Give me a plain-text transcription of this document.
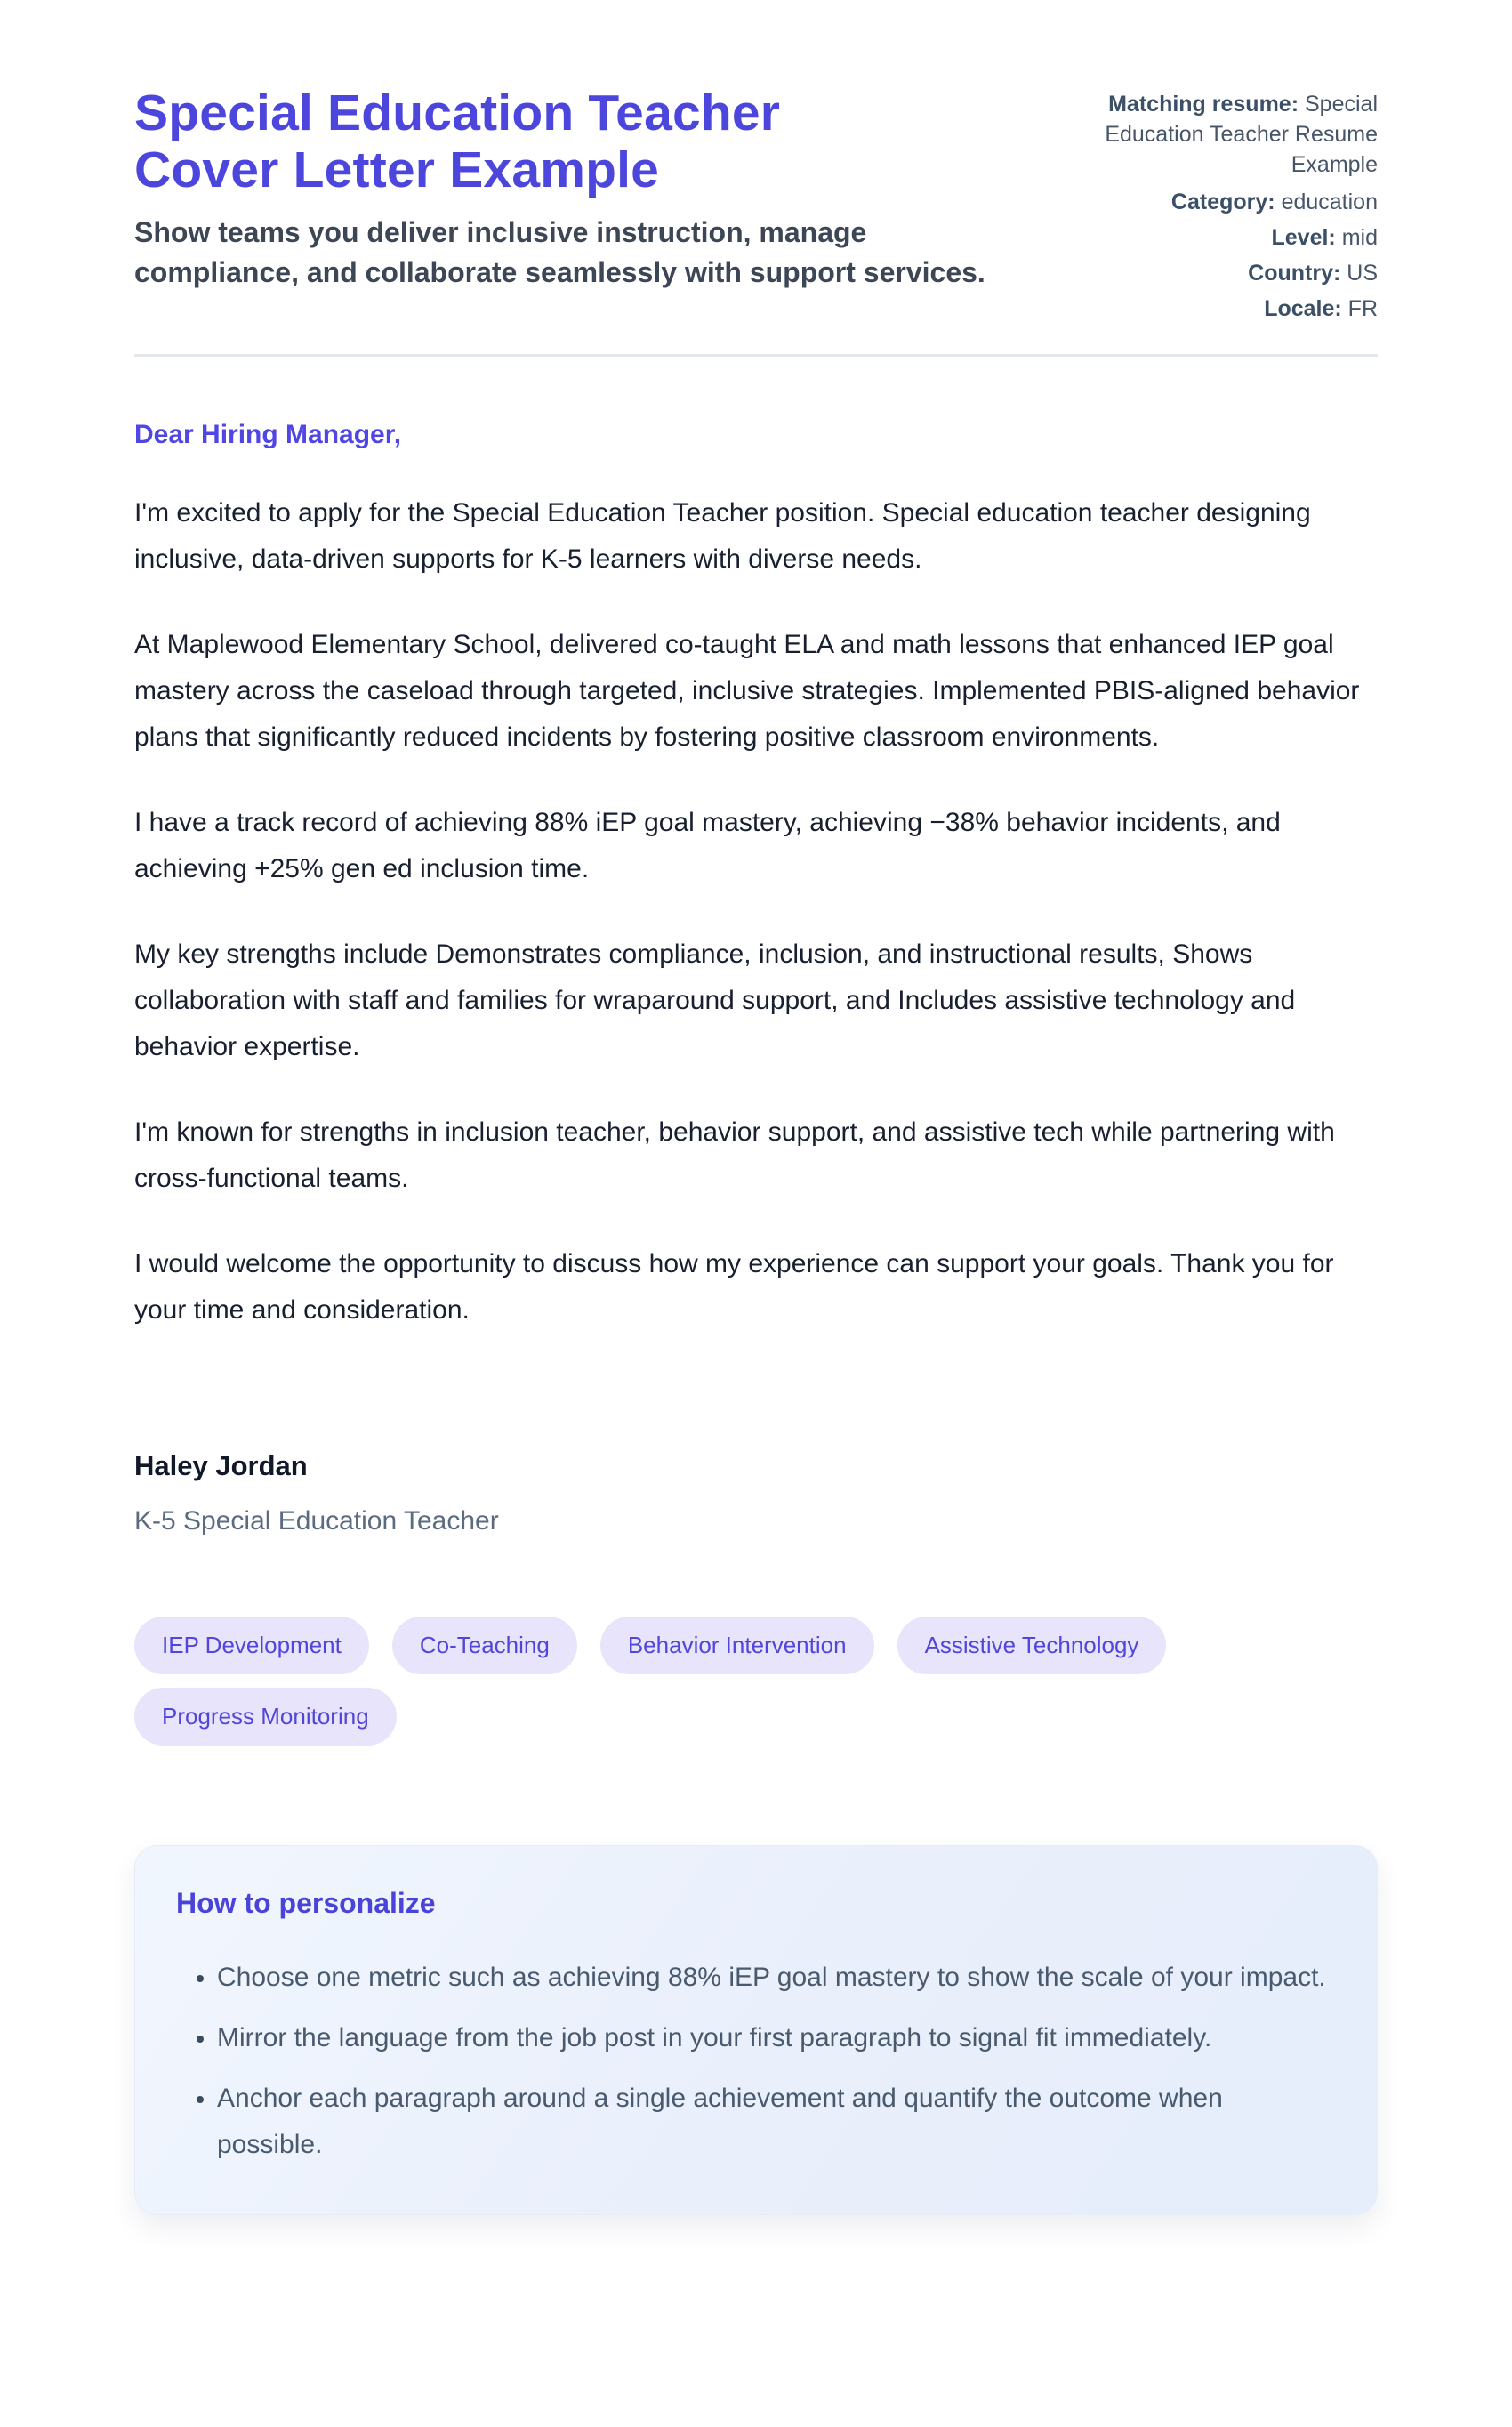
Special Education Teacher Cover Letter Example
Show teams you deliver inclusive instruction, manage compliance, and collaborate seamlessly with support services.
Matching resume: Special Education Teacher Resume Example
Category: education
Level: mid
Country: US
Locale: FR
Dear Hiring Manager,

I'm excited to apply for the Special Education Teacher position. Special education teacher designing inclusive, data-driven supports for K-5 learners with diverse needs.

At Maplewood Elementary School, delivered co-taught ELA and math lessons that enhanced IEP goal mastery across the caseload through targeted, inclusive strategies. Implemented PBIS-aligned behavior plans that significantly reduced incidents by fostering positive classroom environments.

I have a track record of achieving 88% iEP goal mastery, achieving −38% behavior incidents, and achieving +25% gen ed inclusion time.

My key strengths include Demonstrates compliance, inclusion, and instructional results, Shows collaboration with staff and families for wraparound support, and Includes assistive technology and behavior expertise.

I'm known for strengths in inclusion teacher, behavior support, and assistive tech while partnering with cross-functional teams.

I would welcome the opportunity to discuss how my experience can support your goals. Thank you for your time and consideration.

Haley Jordan
K-5 Special Education Teacher
IEP Development	Co-Teaching	Behavior Intervention	Assistive Technology
Progress Monitoring
How to personalize
• Choose one metric such as achieving 88% iEP goal mastery to show the scale of your impact.
• Mirror the language from the job post in your first paragraph to signal fit immediately.
• Anchor each paragraph around a single achievement and quantify the outcome when possible.
